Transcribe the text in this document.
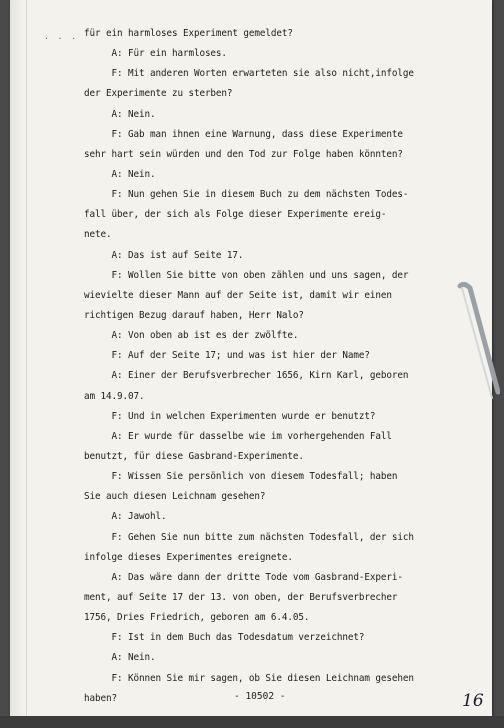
· · · für ein harmloses Experiment gemeldet?
A: Für ein harmloses.
F: Mit anderen Worten erwarteten sie also nicht,infolge
der Experimente zu sterben?
A: Nein.
F: Gab man ihnen eine Warnung, dass diese Experimente
sehr hart sein würden und den Tod zur Folge haben könnten?
A: Nein.
F: Nun gehen Sie in diesem Buch zu dem nächsten Todes-
fall über, der sich als Folge dieser Experimente ereig-
nete.
A: Das ist auf Seite 17.
F: Wollen Sie bitte von oben zählen und uns sagen, der
wievielte dieser Mann auf der Seite ist, damit wir einen
richtigen Bezug darauf haben, Herr Nalo?
A: Von oben ab ist es der zwölfte.
F: Auf der Seite 17; und was ist hier der Name?
A: Einer der Berufsverbrecher 1656, Kirn Karl, geboren
am 14.9.07.
F: Und in welchen Experimenten wurde er benutzt?
A: Er wurde für dasselbe wie im vorhergehenden Fall
benutzt, für diese Gasbrand-Experimente.
F: Wissen Sie persönlich von diesem Todesfall; haben
Sie auch diesen Leichnam gesehen?
A: Jawohl.
F: Gehen Sie nun bitte zum nächsten Todesfall, der sich
infolge dieses Experimentes ereignete.
A: Das wäre dann der dritte Tode vom Gasbrand-Experi-
ment, auf Seite 17 der 13. von oben, der Berufsverbrecher
1756, Dries Friedrich, geboren am 6.4.05.
F: Ist in dem Buch das Todesdatum verzeichnet?
A: Nein.
F: Können Sie mir sagen, ob Sie diesen Leichnam gesehen
haben?	- 10502 -	16
